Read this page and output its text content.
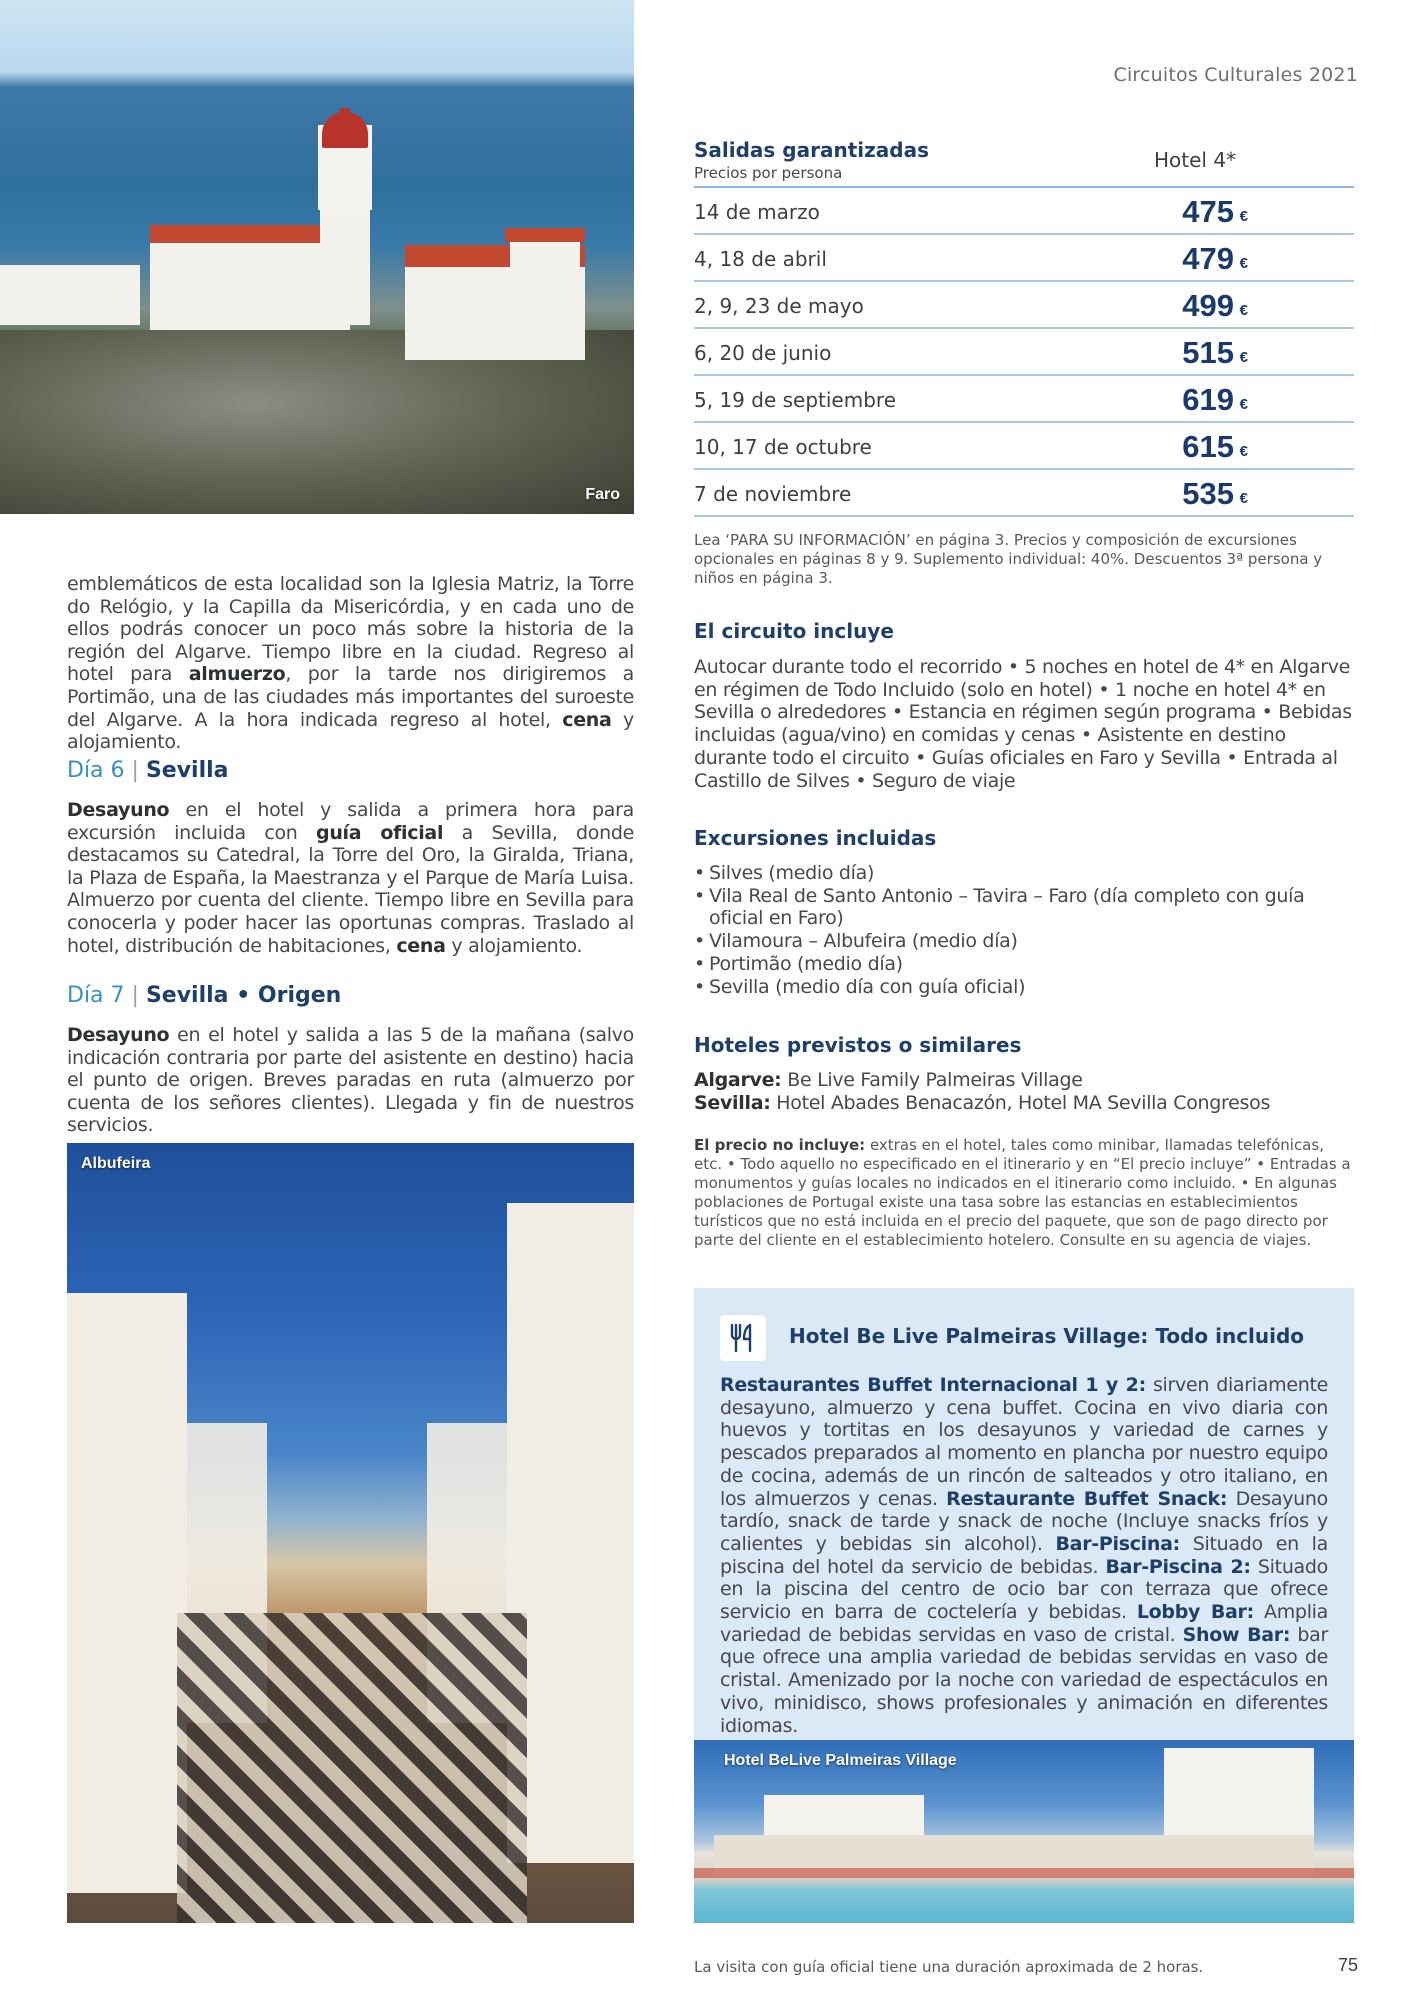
Circuitos Culturales 2021
Faro
emblemáticos de esta localidad son la Iglesia Matriz, la Torre do Relógio, y la Capilla da Misericórdia, y en cada uno de ellos podrás conocer un poco más sobre la historia de la región del Algarve. Tiempo libre en la ciudad. Regreso al hotel para almuerzo, por la tarde nos dirigiremos a Portimão, una de las ciudades más importantes del suroeste del Algarve. A la hora indicada regreso al hotel, cena y alojamiento.
Día 6 | Sevilla
Desayuno en el hotel y salida a primera hora para excursión incluida con guía oficial a Sevilla, donde destacamos su Catedral, la Torre del Oro, la Giralda, Triana, la Plaza de España, la Maestranza y el Parque de María Luisa. Almuerzo por cuenta del cliente. Tiempo libre en Sevilla para conocerla y poder hacer las oportunas compras. Traslado al hotel, distribución de habitaciones, cena y alojamiento.
Día 7 | Sevilla • Origen
Desayuno en el hotel y salida a las 5 de la mañana (salvo indicación contraria por parte del asistente en destino) hacia el punto de origen. Breves paradas en ruta (almuerzo por cuenta de los señores clientes). Llegada y fin de nuestros servicios.
Albufeira
Salidas garantizadas
Precios por persona
Hotel 4*
14 de marzo	475 €
4, 18 de abril	479 €
2, 9, 23 de mayo	499 €
6, 20 de junio	515 €
5, 19 de septiembre	619 €
10, 17 de octubre	615 €
7 de noviembre	535 €
Lea ‘PARA SU INFORMACIÓN’ en página 3. Precios y composición de excursiones opcionales en páginas 8 y 9. Suplemento individual: 40%. Descuentos 3ª persona y niños en página 3.
El circuito incluye
Autocar durante todo el recorrido • 5 noches en hotel de 4* en Algarve en régimen de Todo Incluido (solo en hotel) • 1 noche en hotel 4* en Sevilla o alrededores • Estancia en régimen según programa • Bebidas incluidas (agua/vino) en comidas y cenas • Asistente en destino durante todo el circuito • Guías oficiales en Faro y Sevilla • Entrada al Castillo de Silves • Seguro de viaje
Excursiones incluidas
• Silves (medio día)
• Vila Real de Santo Antonio – Tavira – Faro (día completo con guía oficial en Faro)
• Vilamoura – Albufeira (medio día)
• Portimão (medio día)
• Sevilla (medio día con guía oficial)
Hoteles previstos o similares
Algarve: Be Live Family Palmeiras Village
Sevilla: Hotel Abades Benacazón, Hotel MA Sevilla Congresos
El precio no incluye: extras en el hotel, tales como minibar, llamadas telefónicas, etc. • Todo aquello no especificado en el itinerario y en “El precio incluye” • Entradas a monumentos y guías locales no indicados en el itinerario como incluido. • En algunas poblaciones de Portugal existe una tasa sobre las estancias en establecimientos turísticos que no está incluida en el precio del paquete, que son de pago directo por parte del cliente en el establecimiento hotelero. Consulte en su agencia de viajes.
Hotel Be Live Palmeiras Village: Todo incluido
Restaurantes Buffet Internacional 1 y 2: sirven diariamente desayuno, almuerzo y cena buffet. Cocina en vivo diaria con huevos y tortitas en los desayunos y variedad de carnes y pescados preparados al momento en plancha por nuestro equipo de cocina, además de un rincón de salteados y otro italiano, en los almuerzos y cenas. Restaurante Buffet Snack: Desayuno tardío, snack de tarde y snack de noche (Incluye snacks fríos y calientes y bebidas sin alcohol). Bar-Piscina: Situado en la piscina del hotel da servicio de bebidas. Bar-Piscina 2: Situado en la piscina del centro de ocio bar con terraza que ofrece servicio en barra de coctelería y bebidas. Lobby Bar: Amplia variedad de bebidas servidas en vaso de cristal. Show Bar: bar que ofrece una amplia variedad de bebidas servidas en vaso de cristal. Amenizado por la noche con variedad de espectáculos en vivo, minidisco, shows profesionales y animación en diferentes idiomas.
Hotel BeLive Palmeiras Village
La visita con guía oficial tiene una duración aproximada de 2 horas.	75
